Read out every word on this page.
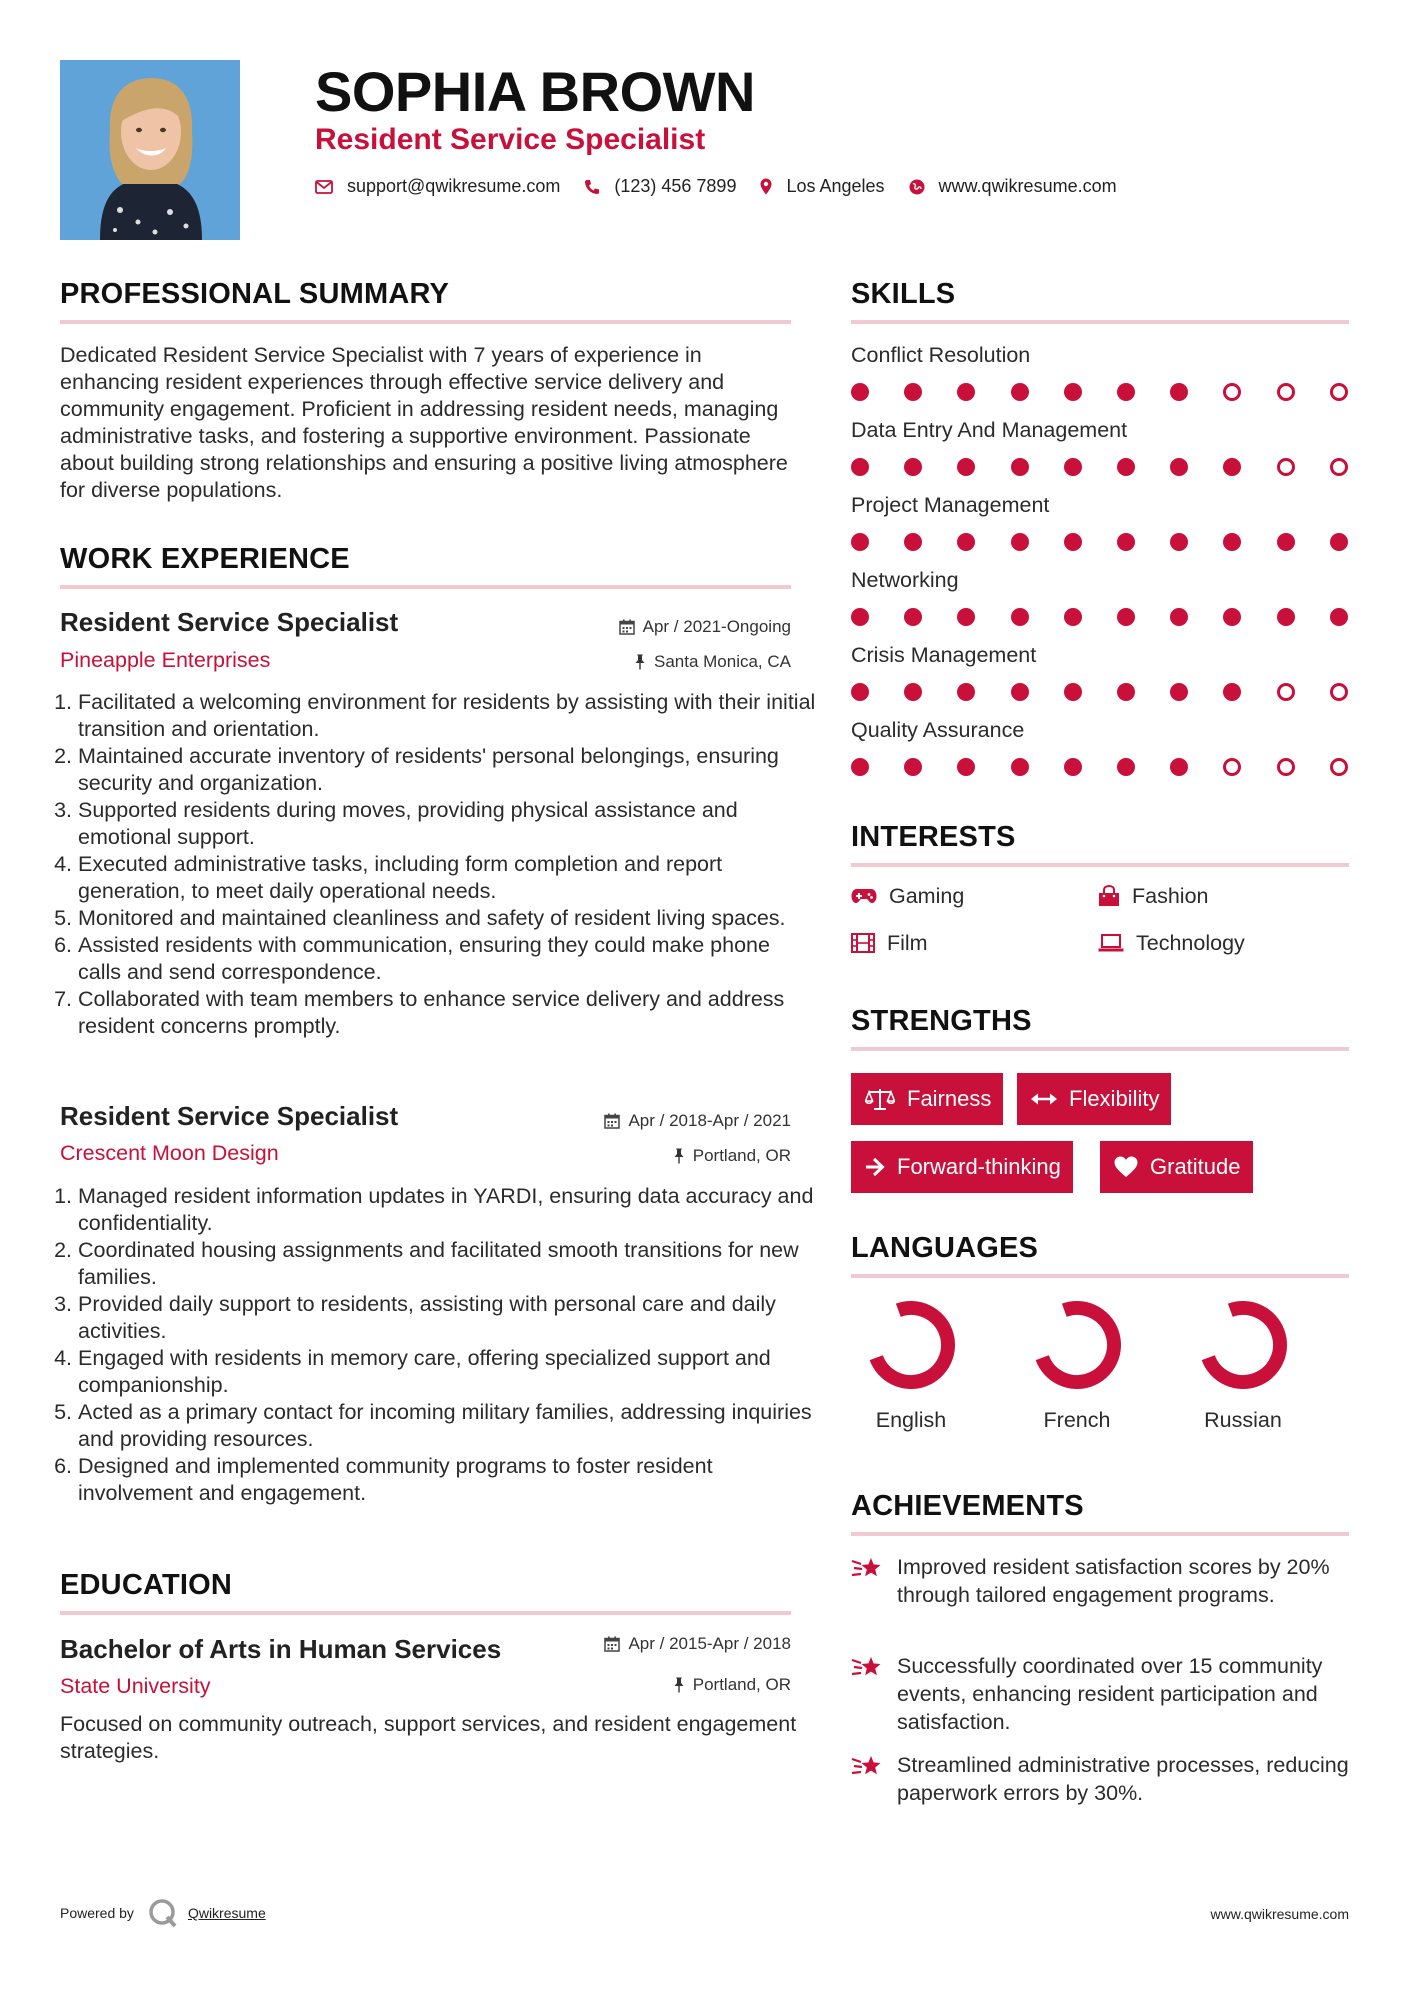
SOPHIA BROWN
Resident Service Specialist
support@qwikresume.com	(123) 456 7899	Los Angeles	www.qwikresume.com
PROFESSIONAL SUMMARY

Dedicated Resident Service Specialist with 7 years of experience in enhancing resident experiences through effective service delivery and community engagement. Proficient in addressing resident needs, managing administrative tasks, and fostering a supportive environment. Passionate about building strong relationships and ensuring a positive living atmosphere for diverse populations.

WORK EXPERIENCE
Resident Service Specialist
Pineapple Enterprises
Apr / 2021-Ongoing
Santa Monica, CA
1. Facilitated a welcoming environment for residents by assisting with their initial transition and orientation.
2. Maintained accurate inventory of residents' personal belongings, ensuring security and organization.
3. Supported residents during moves, providing physical assistance and emotional support.
4. Executed administrative tasks, including form completion and report generation, to meet daily operational needs.
5. Monitored and maintained cleanliness and safety of resident living spaces.
6. Assisted residents with communication, ensuring they could make phone calls and send correspondence.
7. Collaborated with team members to enhance service delivery and address resident concerns promptly.
Resident Service Specialist
Crescent Moon Design
Apr / 2018-Apr / 2021
Portland, OR
1. Managed resident information updates in YARDI, ensuring data accuracy and confidentiality.
2. Coordinated housing assignments and facilitated smooth transitions for new families.
3. Provided daily support to residents, assisting with personal care and daily activities.
4. Engaged with residents in memory care, offering specialized support and companionship.
5. Acted as a primary contact for incoming military families, addressing inquiries and providing resources.
6. Designed and implemented community programs to foster resident involvement and engagement.
EDUCATION
Bachelor of Arts in Human Services
State University
Apr / 2015-Apr / 2018
Portland, OR

Focused on community outreach, support services, and resident engagement strategies.

SKILLS
Conflict Resolution
Data Entry And Management
Project Management
Networking
Crisis Management
Quality Assurance
INTERESTS
Gaming	Fashion
Film	Technology
STRENGTHS
Fairness	Flexibility
Forward-thinking	Gratitude
LANGUAGES
English	French	Russian
ACHIEVEMENTS
Improved resident satisfaction scores by 20% through tailored engagement programs.
Successfully coordinated over 15 community events, enhancing resident participation and satisfaction.
Streamlined administrative processes, reducing paperwork errors by 30%.
Powered by	Qwikresume	www.qwikresume.com
